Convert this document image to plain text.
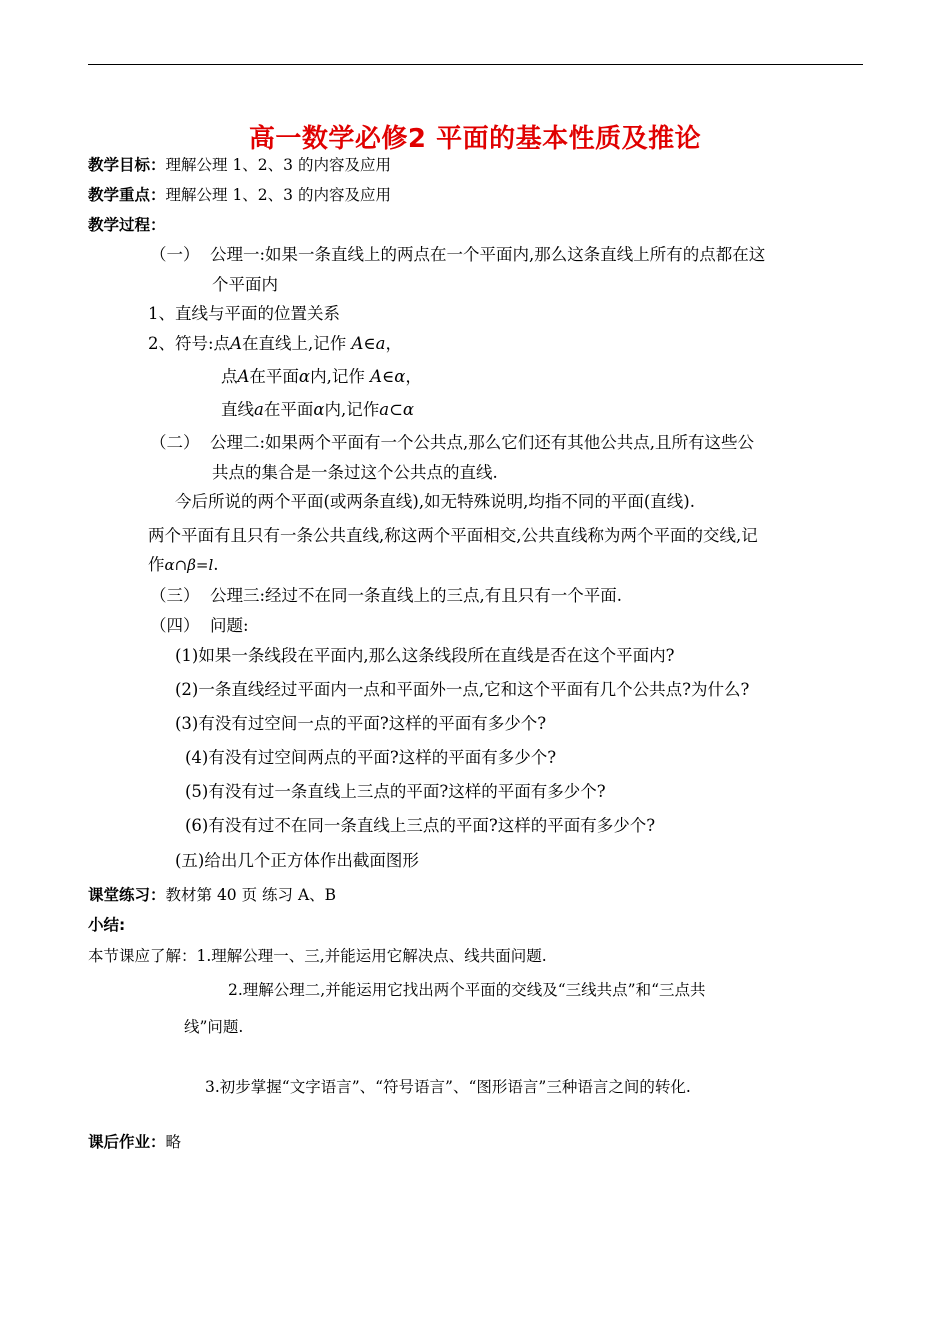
高一数学必修2 平面的基本性质及推论
教学目标：理解公理 1、2、3 的内容及应用
教学重点：理解公理 1、2、3 的内容及应用
教学过程：
（一） 公理一:如果一条直线上的两点在一个平面内,那么这条直线上所有的点都在这
个平面内
1、直线与平面的位置关系
2、符号:点A在直线上,记作 A∈a，
点A在平面α内,记作 A∈α，
直线a在平面α内,记作a⊂α
（二） 公理二:如果两个平面有一个公共点,那么它们还有其他公共点,且所有这些公
共点的集合是一条过这个公共点的直线.
今后所说的两个平面(或两条直线),如无特殊说明,均指不同的平面(直线).
两个平面有且只有一条公共直线,称这两个平面相交,公共直线称为两个平面的交线,记
作α∩β=l.
（三） 公理三:经过不在同一条直线上的三点,有且只有一个平面.
（四） 问题:
(1)如果一条线段在平面内,那么这条线段所在直线是否在这个平面内?
(2)一条直线经过平面内一点和平面外一点,它和这个平面有几个公共点?为什么?
(3)有没有过空间一点的平面?这样的平面有多少个?
(4)有没有过空间两点的平面?这样的平面有多少个?
(5)有没有过一条直线上三点的平面?这样的平面有多少个?
(6)有没有过不在同一条直线上三点的平面?这样的平面有多少个?
(五)给出几个正方体作出截面图形
课堂练习：教材第 40 页 练习 A、B
小结:
本节课应了解：1.理解公理一、三,并能运用它解决点、线共面问题.
2.理解公理二,并能运用它找出两个平面的交线及“三线共点”和“三点共
线”问题.
3.初步掌握“文字语言”、“符号语言”、“图形语言”三种语言之间的转化.
课后作业：略
